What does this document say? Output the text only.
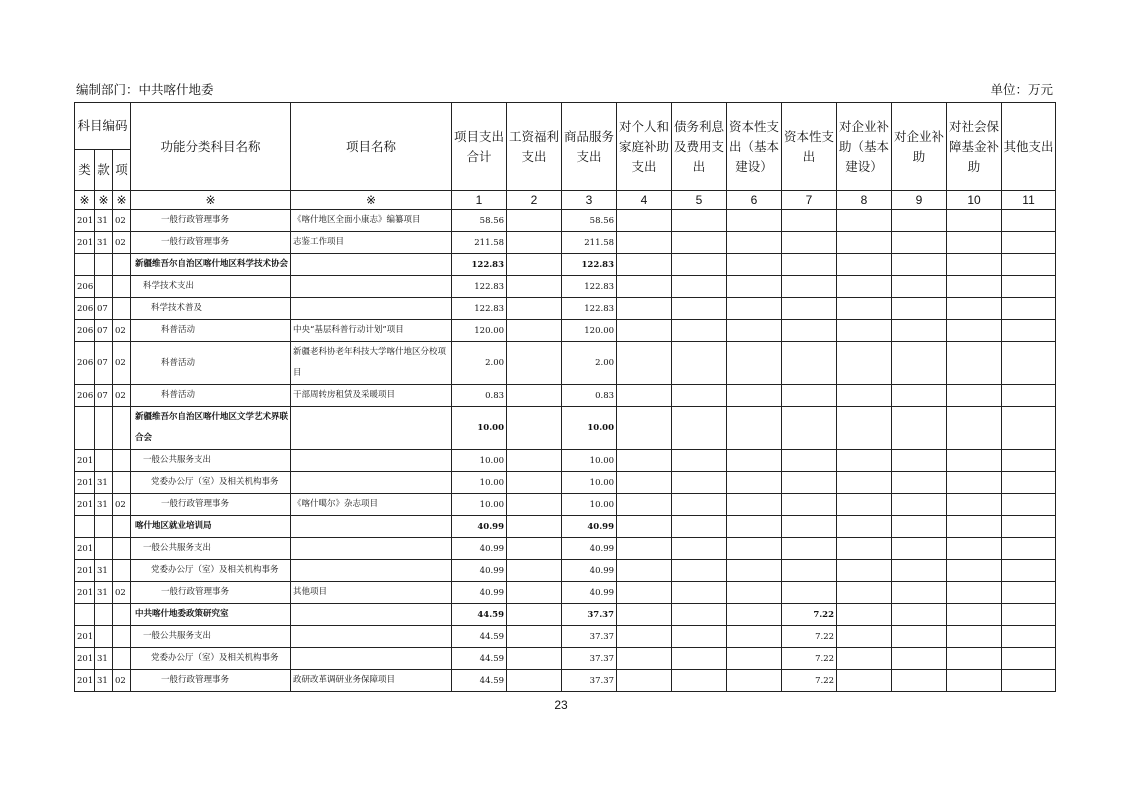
编制部门：中共喀什地委	单位：万元
科目编码			功能分类科目名称	项目名称	项目支出合计	工资福利支出	商品服务支出	对个人和家庭补助支出	债务利息及费用支出	资本性支出（基本建设）	资本性支出	对企业补助（基本建设）	对企业补助	对社会保障基金补助	其他支出
类	款	项													
※	※	※	※	※	1	2	3	4	5	6	7	8	9	10	11
201	31	02	一般行政管理事务	《喀什地区全面小康志》编纂项目	58.56		58.56								
201	31	02	一般行政管理事务	志鉴工作项目	211.58		211.58								
			新疆维吾尔自治区喀什地区科学技术协会		122.83		122.83								
206			科学技术支出		122.83		122.83								
206	07		科学技术普及		122.83		122.83								
206	07	02	科普活动	中央“基层科普行动计划”项目	120.00		120.00								
206	07	02	科普活动	新疆老科协老年科技大学喀什地区分校项目	2.00		2.00								
206	07	02	科普活动	干部周转房租赁及采暖项目	0.83		0.83								
			新疆维吾尔自治区喀什地区文学艺术界联合会		10.00		10.00								
201			一般公共服务支出		10.00		10.00								
201	31		党委办公厅（室）及相关机构事务		10.00		10.00								
201	31	02	一般行政管理事务	《喀什噶尔》杂志项目	10.00		10.00								
			喀什地区就业培训局		40.99		40.99								
201			一般公共服务支出		40.99		40.99								
201	31		党委办公厅（室）及相关机构事务		40.99		40.99								
201	31	02	一般行政管理事务	其他项目	40.99		40.99								
			中共喀什地委政策研究室		44.59		37.37				7.22				
201			一般公共服务支出		44.59		37.37				7.22				
201	31		党委办公厅（室）及相关机构事务		44.59		37.37				7.22				
201	31	02	一般行政管理事务	政研改革调研业务保障项目	44.59		37.37				7.22				
23
